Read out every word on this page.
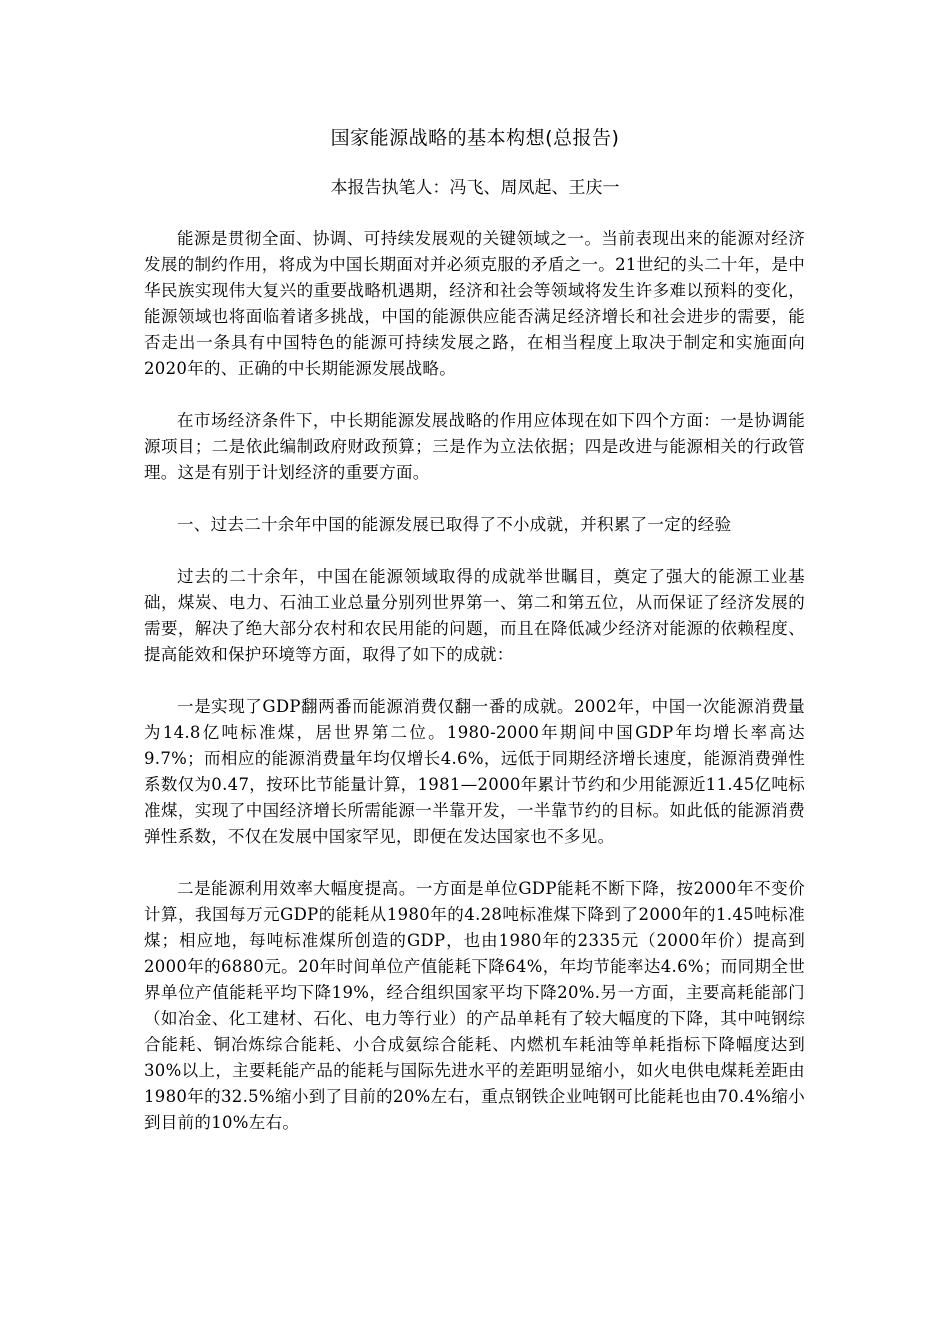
国家能源战略的基本构想(总报告)
本报告执笔人：冯飞、周凤起、王庆一

能源是贯彻全面、协调、可持续发展观的关键领域之一。当前表现出来的能源对经济发展的制约作用，将成为中国长期面对并必须克服的矛盾之一。21世纪的头二十年，是中华民族实现伟大复兴的重要战略机遇期，经济和社会等领域将发生许多难以预料的变化，能源领域也将面临着诸多挑战，中国的能源供应能否满足经济增长和社会进步的需要，能否走出一条具有中国特色的能源可持续发展之路，在相当程度上取决于制定和实施面向2020年的、正确的中长期能源发展战略。

在市场经济条件下，中长期能源发展战略的作用应体现在如下四个方面：一是协调能源项目；二是依此编制政府财政预算；三是作为立法依据；四是改进与能源相关的行政管理。这是有别于计划经济的重要方面。

一、过去二十余年中国的能源发展已取得了不小成就，并积累了一定的经验

过去的二十余年，中国在能源领域取得的成就举世瞩目，奠定了强大的能源工业基础，煤炭、电力、石油工业总量分别列世界第一、第二和第五位，从而保证了经济发展的需要，解决了绝大部分农村和农民用能的问题，而且在降低减少经济对能源的依赖程度、提高能效和保护环境等方面，取得了如下的成就：

一是实现了GDP翻两番而能源消费仅翻一番的成就。2002年，中国一次能源消费量为14.8亿吨标准煤，居世界第二位。1980-2000年期间中国GDP年均增长率高达9.7%；而相应的能源消费量年均仅增长4.6%，远低于同期经济增长速度，能源消费弹性系数仅为0.47，按环比节能量计算，1981—2000年累计节约和少用能源近11.45亿吨标准煤，实现了中国经济增长所需能源一半靠开发，一半靠节约的目标。如此低的能源消费弹性系数，不仅在发展中国家罕见，即便在发达国家也不多见。

二是能源利用效率大幅度提高。一方面是单位GDP能耗不断下降，按2000年不变价计算，我国每万元GDP的能耗从1980年的4.28吨标准煤下降到了2000年的1.45吨标准煤；相应地，每吨标准煤所创造的GDP，也由1980年的2335元（2000年价）提高到2000年的6880元。20年时间单位产值能耗下降64%，年均节能率达4.6%；而同期全世界单位产值能耗平均下降19%，经合组织国家平均下降20%.另一方面，主要高耗能部门（如冶金、化工建材、石化、电力等行业）的产品单耗有了较大幅度的下降，其中吨钢综合能耗、铜冶炼综合能耗、小合成氨综合能耗、内燃机车耗油等单耗指标下降幅度达到30%以上，主要耗能产品的能耗与国际先进水平的差距明显缩小，如火电供电煤耗差距由1980年的32.5%缩小到了目前的20%左右，重点钢铁企业吨钢可比能耗也由70.4%缩小到目前的10%左右。
